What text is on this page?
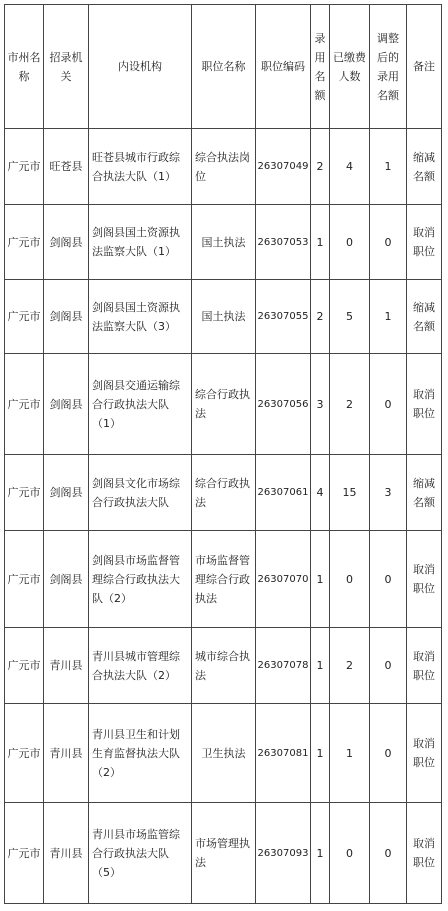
市州名称	招录机关	内设机构	职位名称	职位编码	录用名额	已缴费人数	调整后的录用名额	备注
广元市	旺苍县	旺苍县城市行政综合执法大队（1）	综合执法岗位	26307049	2	4	1	缩减名额
广元市	剑阁县	剑阁县国土资源执法监察大队（1）	国土执法	26307053	1	0	0	取消职位
广元市	剑阁县	剑阁县国土资源执法监察大队（3）	国土执法	26307055	2	5	1	缩减名额
广元市	剑阁县	剑阁县交通运输综合行政执法大队（1）	综合行政执法	26307056	3	2	0	取消职位
广元市	剑阁县	剑阁县文化市场综合行政执法大队	综合行政执法	26307061	4	15	3	缩减名额
广元市	剑阁县	剑阁县市场监督管理综合行政执法大队（2）	市场监督管理综合行政执法	26307070	1	0	0	取消职位
广元市	青川县	青川县城市管理综合执法大队（2）	城市综合执法	26307078	1	2	0	取消职位
广元市	青川县	青川县卫生和计划生育监督执法大队（2）	卫生执法	26307081	1	1	0	取消职位
广元市	青川县	青川县市场监管综合行政执法大队（5）	市场管理执法	26307093	1	0	0	取消职位
